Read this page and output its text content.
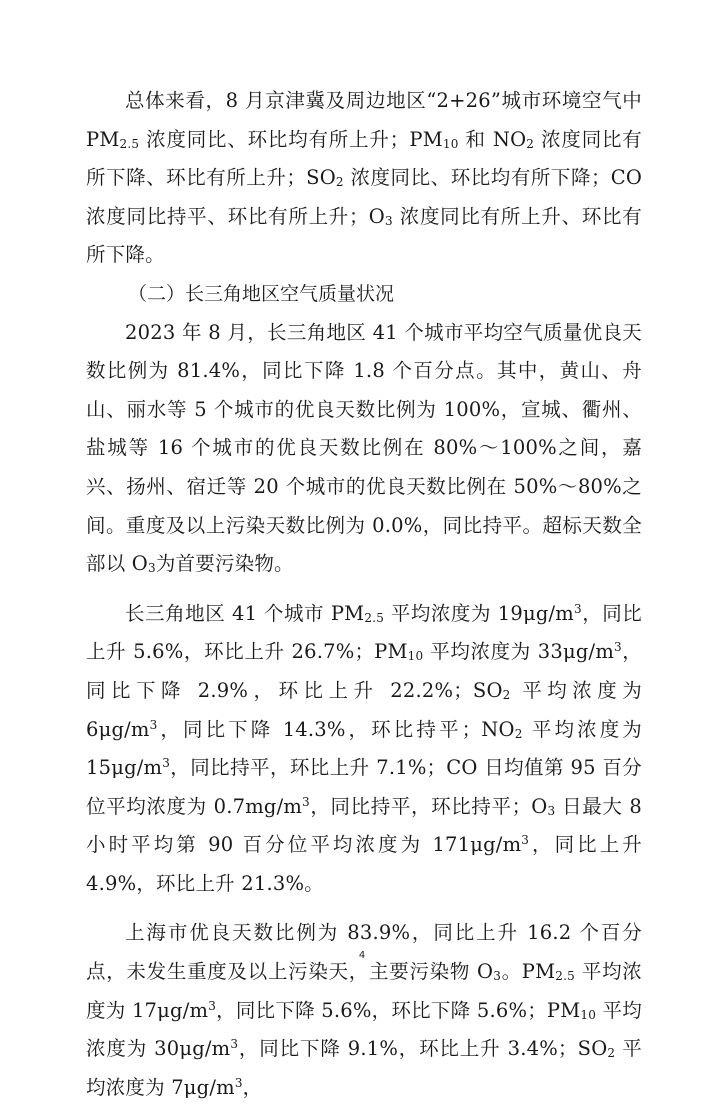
总体来看，8 月京津冀及周边地区“2+26”城市环境空气中 $PM_{2.5}$ 浓度同比、环比均有所上升；$PM_{10}$ 和 $NO_2$ 浓度同比有所下降、环比有所上升；$SO_2$ 浓度同比、环比均有所下降；CO 浓度同比持平、环比有所上升；$O_3$ 浓度同比有所上升、环比有所下降。

（二）长三角地区空气质量状况

2023 年 8 月，长三角地区 41 个城市平均空气质量优良天数比例为 81.4%，同比下降 1.8 个百分点。其中，黄山、舟山、丽水等 5 个城市的优良天数比例为 100%，宣城、衢州、盐城等 16 个城市的优良天数比例在 80%～100%之间，嘉兴、扬州、宿迁等 20 个城市的优良天数比例在 50%～80%之间。重度及以上污染天数比例为 0.0%，同比持平。超标天数全部以 $O_3$为首要污染物。

长三角地区 41 个城市 $PM_{2.5}$ 平均浓度为 $19\mu g/m^3$，同比上升 5.6%，环比上升 26.7%；$PM_{10}$ 平均浓度为 $33\mu g/m^3$，同比下降 2.9%，环比上升 22.2%；$SO_2$ 平均浓度为 $6\mu g/m^3$，同比下降 14.3%，环比持平；$NO_2$ 平均浓度为 $15\mu g/m^3$，同比持平，环比上升 7.1%；CO 日均值第 95 百分位平均浓度为 $0.7mg/m^3$，同比持平，环比持平；$O_3$ 日最大 8 小时平均第 90 百分位平均浓度为 $171\mu g/m^3$，同比上升 4.9%，环比上升 21.3%。

上海市优良天数比例为 83.9%，同比上升 16.2 个百分点，未发生重度及以上污染天，主要污染物 $O_3$。$PM_{2.5}$ 平均浓度为 $17\mu g/m^3$，同比下降 5.6%，环比下降 5.6%；$PM_{10}$ 平均浓度为 $30\mu g/m^3$，同比下降 9.1%，环比上升 3.4%；$SO_2$ 平均浓度为 $7\mu g/m^3$，

4
